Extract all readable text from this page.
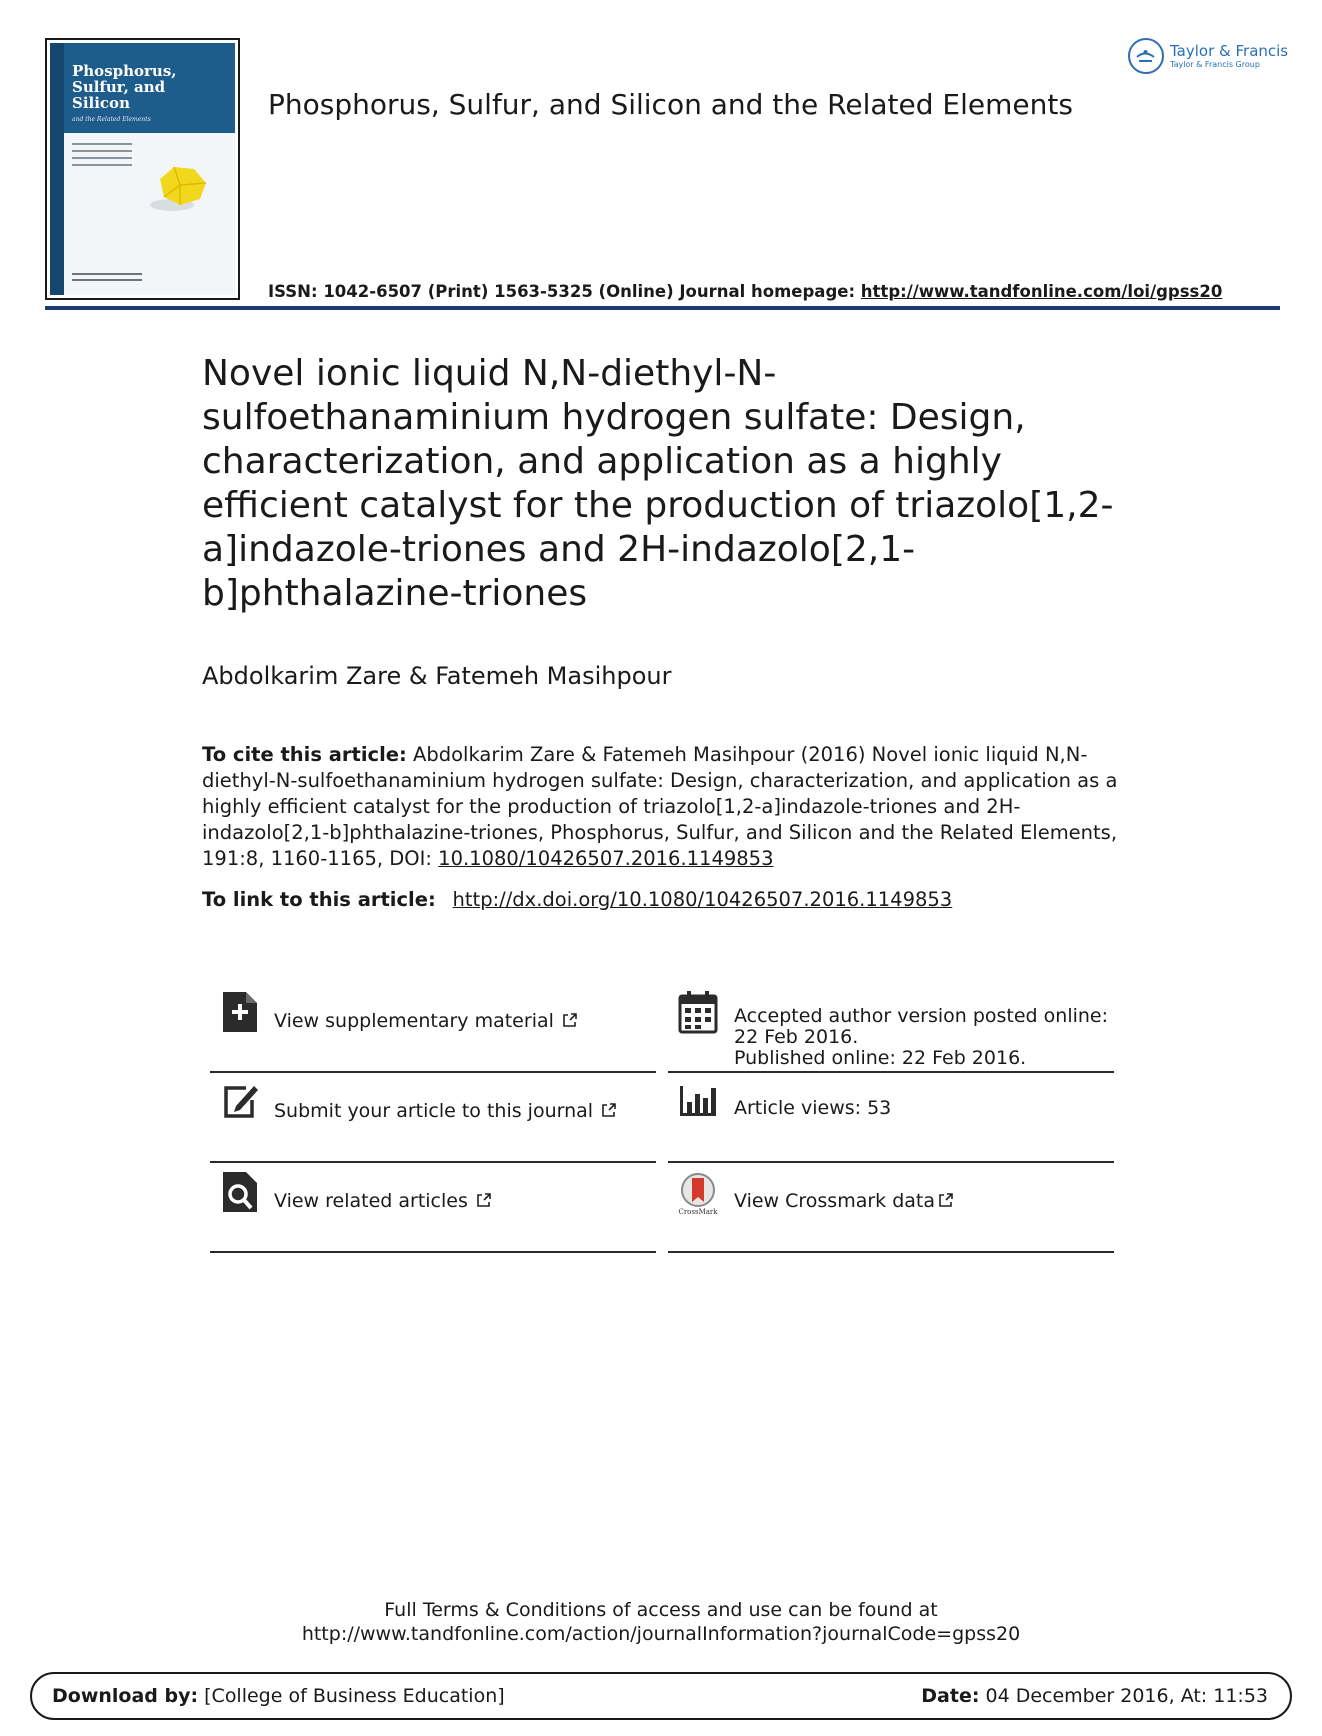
Phosphorus,
Sulfur, and
Silicon
and the Related Elements	Phosphorus, Sulfur, and Silicon and the Related Elements
ISSN: 1042-6507 (Print) 1563-5325 (Online) Journal homepage: http://www.tandfonline.com/loi/gpss20
Taylor & Francis
Taylor & Francis Group
Novel ionic liquid N,N-diethyl-N-sulfoethanaminium hydrogen sulfate: Design, characterization, and application as a highly efficient catalyst for the production of triazolo[1,2-a]indazole-triones and 2H-indazolo[2,1-b]phthalazine-triones
Abdolkarim Zare & Fatemeh Masihpour
To cite this article: Abdolkarim Zare & Fatemeh Masihpour (2016) Novel ionic liquid N,N-diethyl-N-sulfoethanaminium hydrogen sulfate: Design, characterization, and application as a highly efficient catalyst for the production of triazolo[1,2-a]indazole-triones and 2H-indazolo[2,1-b]phthalazine-triones, Phosphorus, Sulfur, and Silicon and the Related Elements, 191:8, 1160-1165, DOI: 10.1080/10426507.2016.1149853
To link to this article: http://dx.doi.org/10.1080/10426507.2016.1149853
View supplementary material	Accepted author version posted online: 22 Feb 2016.
Published online: 22 Feb 2016.
Submit your article to this journal	Article views: 53
View related articles	CrossMark View Crossmark data
Full Terms & Conditions of access and use can be found at
http://www.tandfonline.com/action/journalInformation?journalCode=gpss20
Download by: [College of Business Education]	Date: 04 December 2016, At: 11:53
